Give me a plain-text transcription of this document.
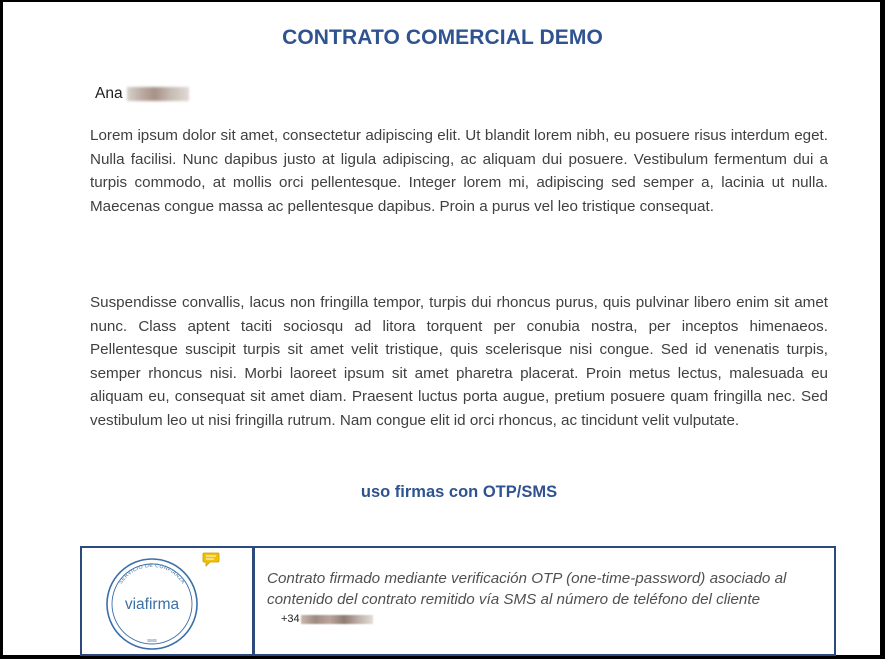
CONTRATO COMERCIAL DEMO
Ana
Lorem ipsum dolor sit amet, consectetur adipiscing elit. Ut blandit lorem nibh, eu posuere risus interdum eget. Nulla facilisi. Nunc dapibus justo at ligula adipiscing, ac aliquam dui posuere. Vestibulum fermentum dui a turpis commodo, at mollis orci pellentesque. Integer lorem mi, adipiscing sed semper a, lacinia ut nulla. Maecenas congue massa ac pellentesque dapibus. Proin a purus vel leo tristique consequat.
Suspendisse convallis, lacus non fringilla tempor, turpis dui rhoncus purus, quis pulvinar libero enim sit amet nunc. Class aptent taciti sociosqu ad litora torquent per conubia nostra, per inceptos himenaeos. Pellentesque suscipit turpis sit amet velit tristique, quis scelerisque nisi congue. Sed id venenatis turpis, semper rhoncus nisi. Morbi laoreet ipsum sit amet pharetra placerat. Proin metus lectus, malesuada eu aliquam eu, consequat sit amet diam. Praesent luctus porta augue, pretium posuere quam fringilla nec. Sed vestibulum leo ut nisi fringilla rutrum. Nam congue elit id orci rhoncus, ac tincidunt velit vulputate.
uso firmas con OTP/SMS
SERVICIO DE CONFIANZA
viafirma
SMS
Contrato firmado mediante verificación OTP (one-time-password) asociado al contenido del contrato remitido vía SMS al número de teléfono del cliente
+34
